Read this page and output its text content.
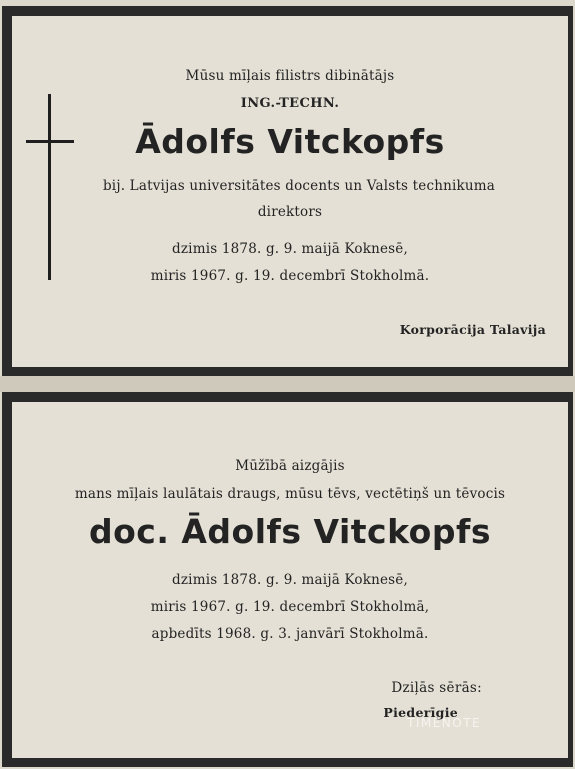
Mūsu mīļais filistrs dibinātājs
ING.-TECHN.
Ādolfs Vitckopfs
bij. Latvijas universitātes docents un Valsts technikuma
direktors
dzimis 1878. g. 9. maijā Koknesē,
miris 1967. g. 19. decembrī Stokholmā.
Korporācija Talavija
Mūžībā aizgājis
mans mīļais laulātais draugs, mūsu tēvs, vectētiņš un tēvocis
doc. Ādolfs Vitckopfs
dzimis 1878. g. 9. maijā Koknesē,
miris 1967. g. 19. decembrī Stokholmā,
apbedīts 1968. g. 3. janvārī Stokholmā.
Dziļās sērās:
Piederīgie
TIMENOTE
